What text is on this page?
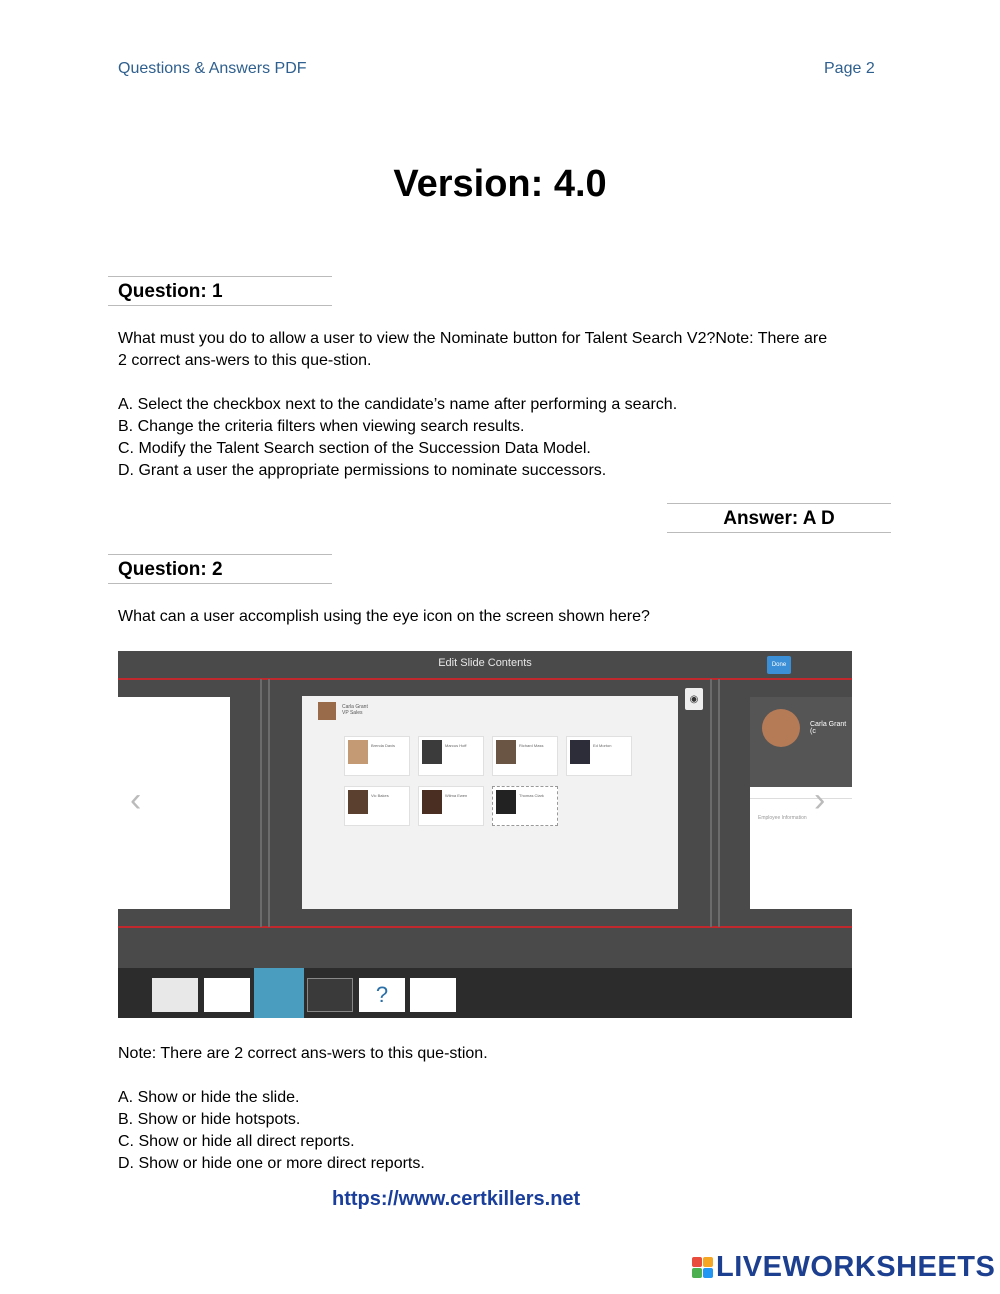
Questions & Answers PDF	Page 2
Version: 4.0
Question: 1
What must you do to allow a user to view the Nominate button for Talent Search V2?Note: There are 2 correct ans-wers to this que-stion.
A. Select the checkbox next to the candidate’s name after performing a search.
B. Change the criteria filters when viewing search results.
C. Modify the Talent Search section of the Succession Data Model.
D. Grant a user the appropriate permissions to nominate successors.
Answer: A D
Question: 2
What can a user accomplish using the eye icon on the screen shown here?
Edit Slide Contents	Done
Carla Grant
VP Sales
Brenda Davis	Marcus Hoff	Richard Mass	Ed Morton
Vic Bakes	Wilma Ewen	Thomas Clark
◉
Carla Grant (c
Employee Information
‹	›
?
Note: There are 2 correct ans-wers to this que-stion.
A. Show or hide the slide.
B. Show or hide hotspots.
C. Show or hide all direct reports.
D. Show or hide one or more direct reports.
https://www.certkillers.net
LIVEWORKSHEETS
